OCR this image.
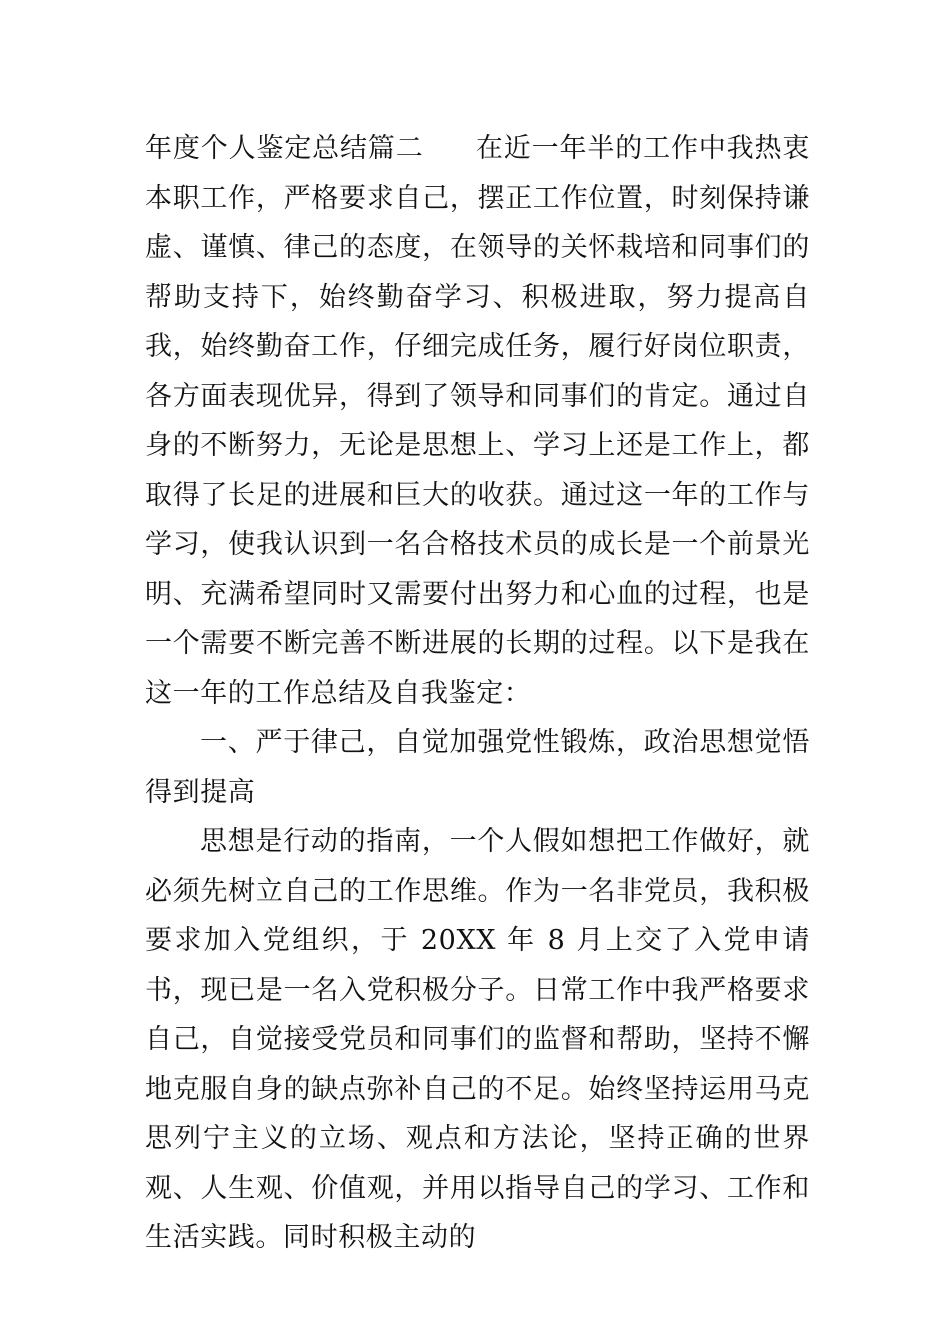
年度个人鉴定总结篇二 在近一年半的工作中我热衷本职工作，严格要求自己，摆正工作位置，时刻保持谦虚、谨慎、律己的态度，在领导的关怀栽培和同事们的帮助支持下，始终勤奋学习、积极进取，努力提高自我，始终勤奋工作，仔细完成任务，履行好岗位职责，各方面表现优异，得到了领导和同事们的肯定。通过自身的不断努力，无论是思想上、学习上还是工作上，都取得了长足的进展和巨大的收获。通过这一年的工作与学习，使我认识到一名合格技术员的成长是一个前景光明、充满希望同时又需要付出努力和心血的过程，也是一个需要不断完善不断进展的长期的过程。以下是我在这一年的工作总结及自我鉴定：

一、严于律己，自觉加强党性锻炼，政治思想觉悟得到提高

思想是行动的指南，一个人假如想把工作做好，就必须先树立自己的工作思维。作为一名非党员，我积极要求加入党组织，于 20XX 年 8 月上交了入党申请书，现已是一名入党积极分子。日常工作中我严格要求自己，自觉接受党员和同事们的监督和帮助，坚持不懈地克服自身的缺点弥补自己的不足。始终坚持运用马克思列宁主义的立场、观点和方法论，坚持正确的世界观、人生观、价值观，并用以指导自己的学习、工作和生活实践。同时积极主动的
